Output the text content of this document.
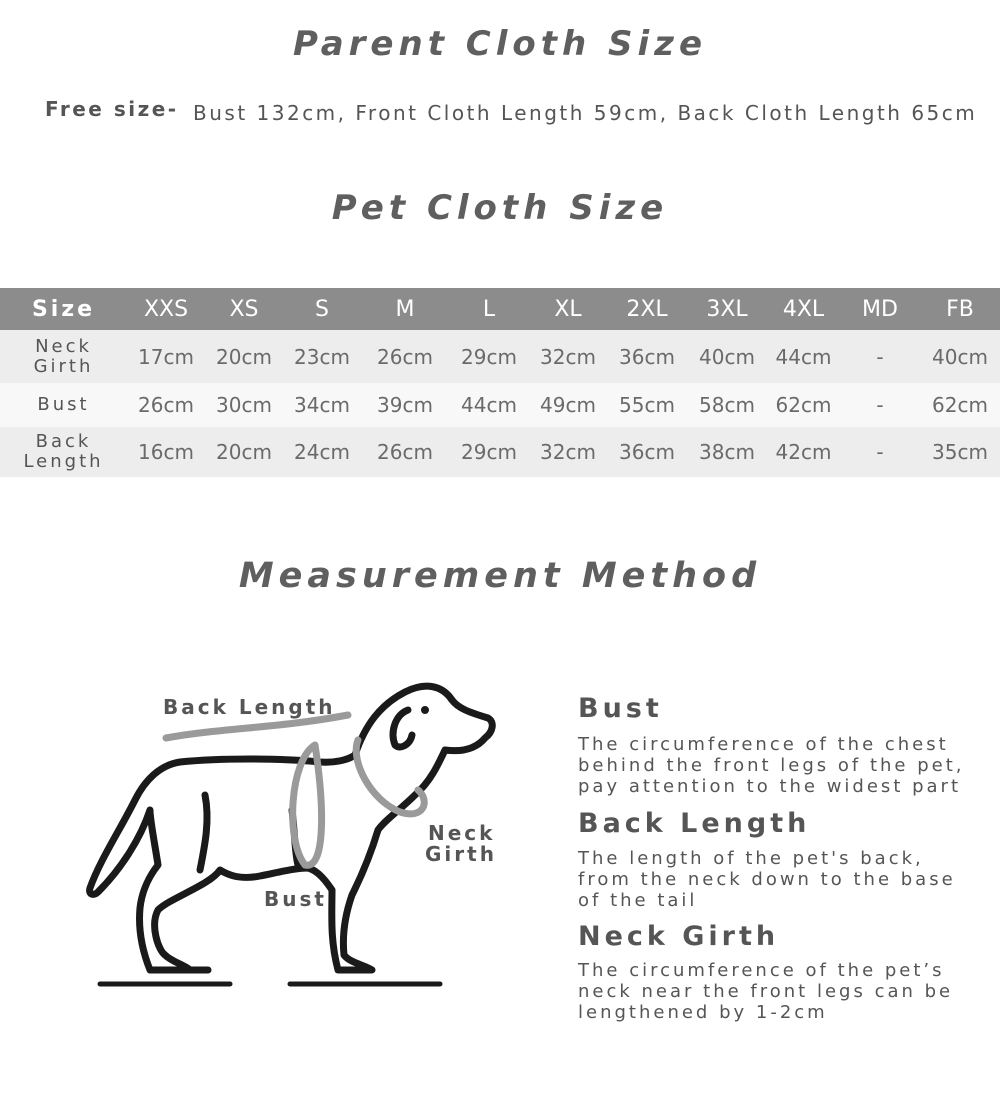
Parent Cloth Size
Free size- Bust 132cm, Front Cloth Length 59cm, Back Cloth Length 65cm
Pet Cloth Size
Size	XXS	XS	S	M	L	XL	2XL	3XL	4XL	MD	FB

Neck
Girth	17cm	20cm	23cm	26cm	29cm	32cm	36cm	40cm	44cm	-	40cm

Bust	26cm	30cm	34cm	39cm	44cm	49cm	55cm	58cm	62cm	-	62cm

Back
Length	16cm	20cm	24cm	26cm	29cm	32cm	36cm	38cm	42cm	-	35cm
Measurement Method
Back Length
Neck
Girth
Bust
Bust
The circumference of the chest
behind the front legs of the pet,
pay attention to the widest part
Back Length
The length of the pet's back,
from the neck down to the base
of the tail
Neck Girth
The circumference of the pet’s
neck near the front legs can be
lengthened by 1-2cm
